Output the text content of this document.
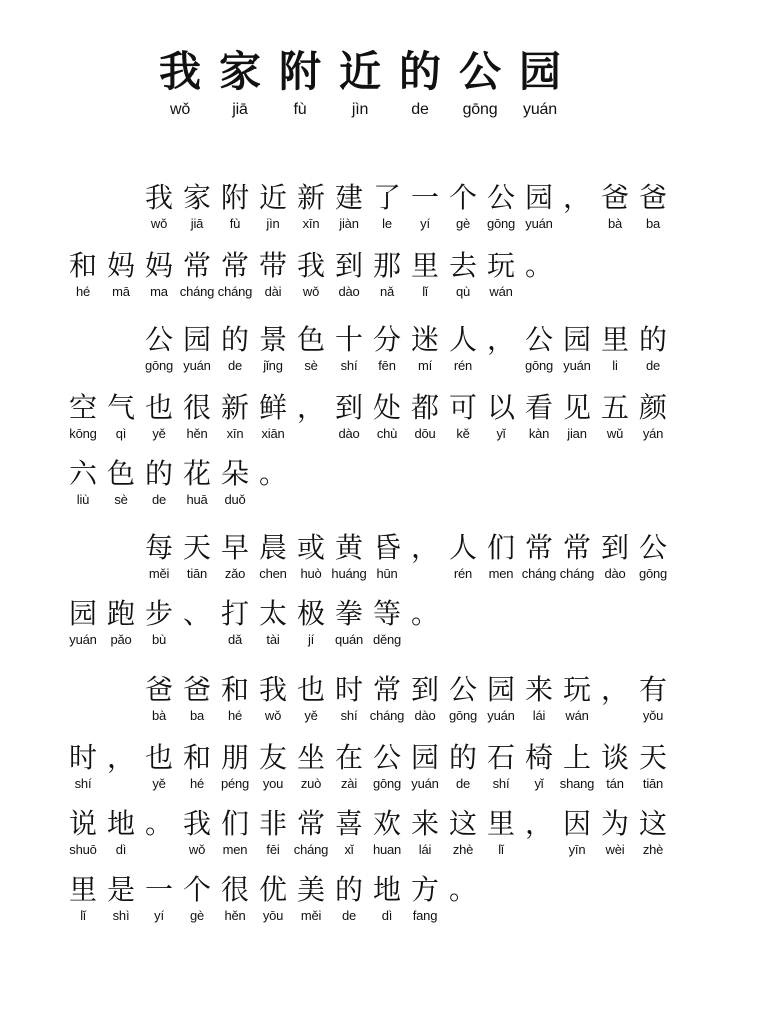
我
wǒ
家
jiā
附
fù
近
jìn
的
de
公
gōng
园
yuán
我
wǒ
家
jiā
附
fù
近
jìn
新
xīn
建
jiàn
了
le
一
yí
个
gè
公
gōng
园
yuán
， 爸
bà
爸
ba
和
hé
妈
mā
妈
ma
常
cháng
常
cháng
带
dài
我
wǒ
到
dào
那
nǎ
里
lǐ
去
qù
玩
wán
。
公
gōng
园
yuán
的
de
景
jǐng
色
sè
十
shí
分
fēn
迷
mí
人
rén
， 公
gōng
园
yuán
里
li
的
de
空
kōng
气
qì
也
yě
很
hěn
新
xīn
鲜
xiān
， 到
dào
处
chù
都
dōu
可
kě
以
yǐ
看
kàn
见
jian
五
wǔ
颜
yán
六
liù
色
sè
的
de
花
huā
朵
duǒ
。
每
měi
天
tiān
早
zǎo
晨
chen
或
huò
黄
huáng
昏
hūn
， 人
rén
们
men
常
cháng
常
cháng
到
dào
公
gōng
园
yuán
跑
pǎo
步
bù
、 打
dǎ
太
tài
极
jí
拳
quán
等
děng
。
爸
bà
爸
ba
和
hé
我
wǒ
也
yě
时
shí
常
cháng
到
dào
公
gōng
园
yuán
来
lái
玩
wán
， 有
yǒu
时
shí
， 也
yě
和
hé
朋
péng
友
you
坐
zuò
在
zài
公
gōng
园
yuán
的
de
石
shí
椅
yǐ
上
shang
谈
tán
天
tiān
说
shuō
地
dì
。 我
wǒ
们
men
非
fēi
常
cháng
喜
xǐ
欢
huan
来
lái
这
zhè
里
lǐ
， 因
yīn
为
wèi
这
zhè
里
lǐ
是
shì
一
yí
个
gè
很
hěn
优
yōu
美
měi
的
de
地
dì
方
fang
。
